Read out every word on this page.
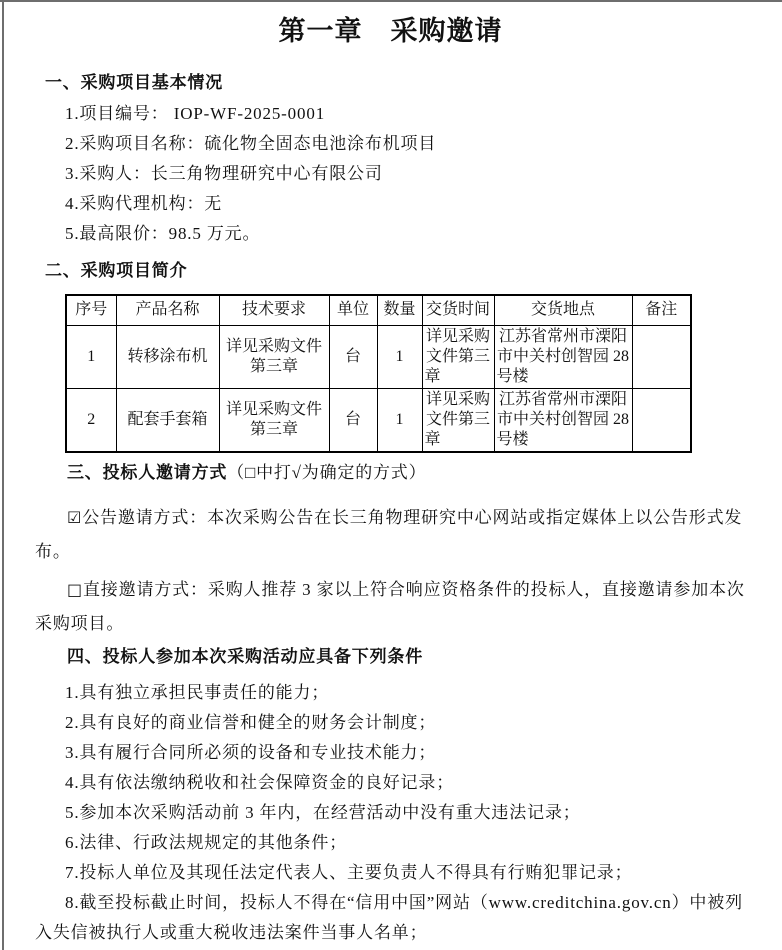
第一章　采购邀请
一、采购项目基本情况

1.项目编号： IOP-WF-2025-0001

2.采购项目名称：硫化物全固态电池涂布机项目

3.采购人：长三角物理研究中心有限公司

4.采购代理机构：无

5.最高限价：98.5 万元。

二、采购项目简介
序号	产品名称	技术要求	单位	数量	交货时间	交货地点	备注
1	转移涂布机	详见采购文件第三章	台	1	详见采购文件第三章	江苏省常州市溧阳市中关村创智园 28 号楼	
2	配套手套箱	详见采购文件第三章	台	1	详见采购文件第三章	江苏省常州市溧阳市中关村创智园 28 号楼	
三、投标人邀请方式（□中打√为确定的方式）

☑公告邀请方式：本次采购公告在长三角物理研究中心网站或指定媒体上以公告形式发布。

□直接邀请方式：采购人推荐 3 家以上符合响应资格条件的投标人，直接邀请参加本次采购项目。

四、投标人参加本次采购活动应具备下列条件

1.具有独立承担民事责任的能力；

2.具有良好的商业信誉和健全的财务会计制度；

3.具有履行合同所必须的设备和专业技术能力；

4.具有依法缴纳税收和社会保障资金的良好记录；

5.参加本次采购活动前 3 年内，在经营活动中没有重大违法记录；

6.法律、行政法规规定的其他条件；

7.投标人单位及其现任法定代表人、主要负责人不得具有行贿犯罪记录；

8.截至投标截止时间，投标人不得在“信用中国”网站（www.creditchina.gov.cn）中被列入失信被执行人或重大税收违法案件当事人名单；
